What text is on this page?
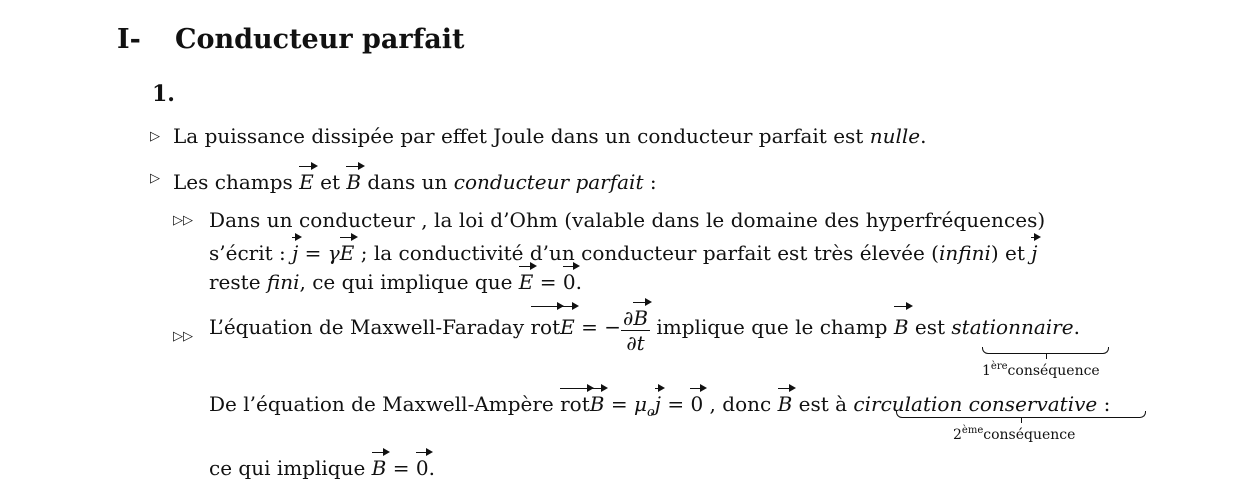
I- Conducteur parfait
1.
▷ La puissance dissipée par effet Joule dans un conducteur parfait est nulle.
▷ Les champs E et B dans un conducteur parfait :
▷▷ Dans un conducteur , la loi d’Ohm (valable dans le domaine des hyperfréquences)
s’écrit : j = γE ; la conductivité d’un conducteur parfait est très élevée (infini) et j
reste fini, ce qui implique que E = 0.
▷▷ L’équation de Maxwell-Faraday rotE = − $\frac{\partial B}{\partial t}$ implique que le champ B est stationnaire.
1èreconséquence
De l’équation de Maxwell-Ampère rotB = $\mu_oj = 0$ , donc B est à circulation conservative :
2èmeconséquence
ce qui implique B = 0.
